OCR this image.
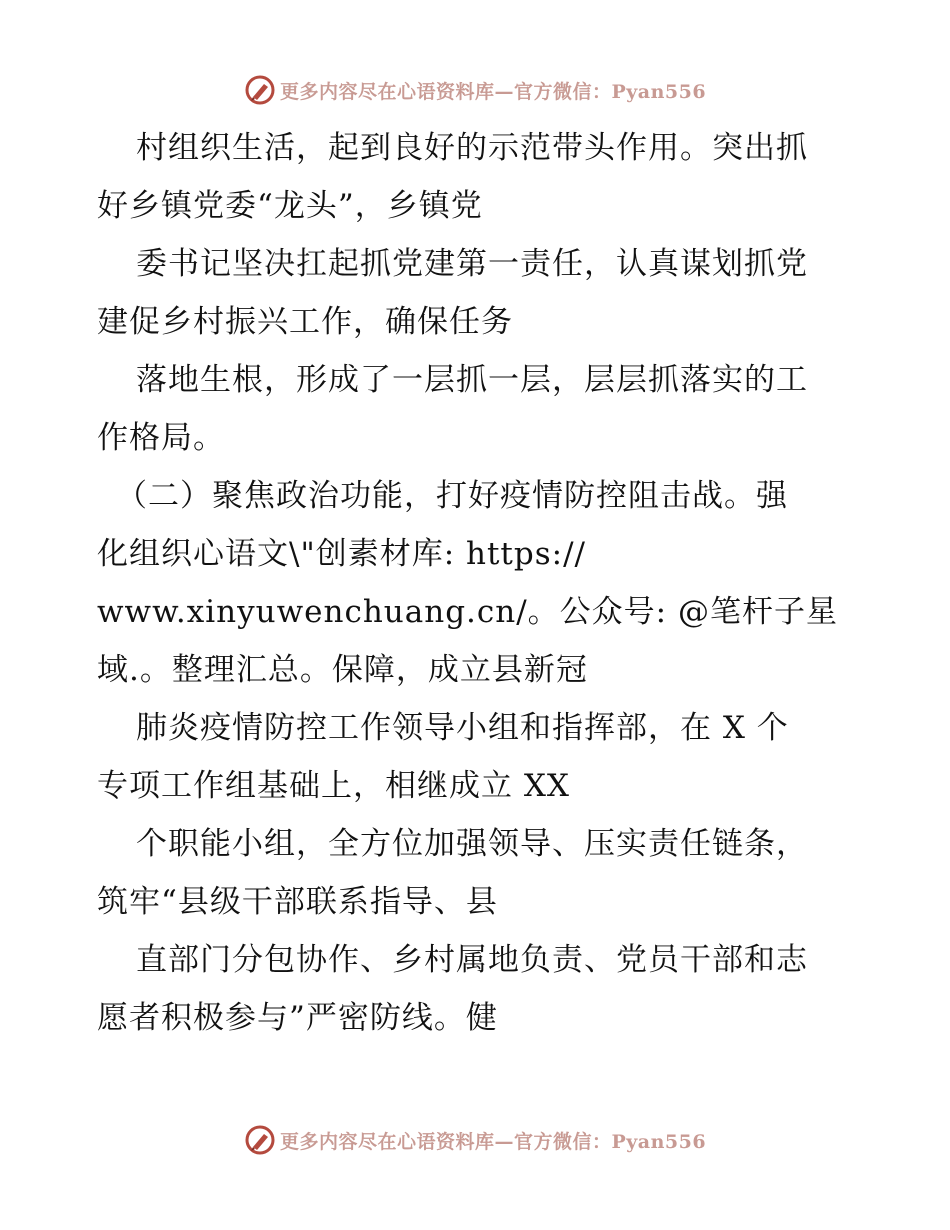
更多内容尽在心语资料库—官方微信：Pyan556
村组织生活，起到良好的示范带头作用。突出抓
好乡镇党委“龙头”，乡镇党
委书记坚决扛起抓党建第一责任，认真谋划抓党
建促乡村振兴工作，确保任务
落地生根，形成了一层抓一层，层层抓落实的工
作格局。
（二）聚焦政治功能，打好疫情防控阻击战。强
化组织心语文\"创素材库: https://
www.xinyuwenchuang.cn/。公众号: @笔杆子星
域.。整理汇总。保障，成立县新冠
肺炎疫情防控工作领导小组和指挥部，在 X 个
专项工作组基础上，相继成立 XX
个职能小组，全方位加强领导、压实责任链条，
筑牢“县级干部联系指导、县
直部门分包协作、乡村属地负责、党员干部和志
愿者积极参与”严密防线。健
更多内容尽在心语资料库—官方微信：Pyan556
